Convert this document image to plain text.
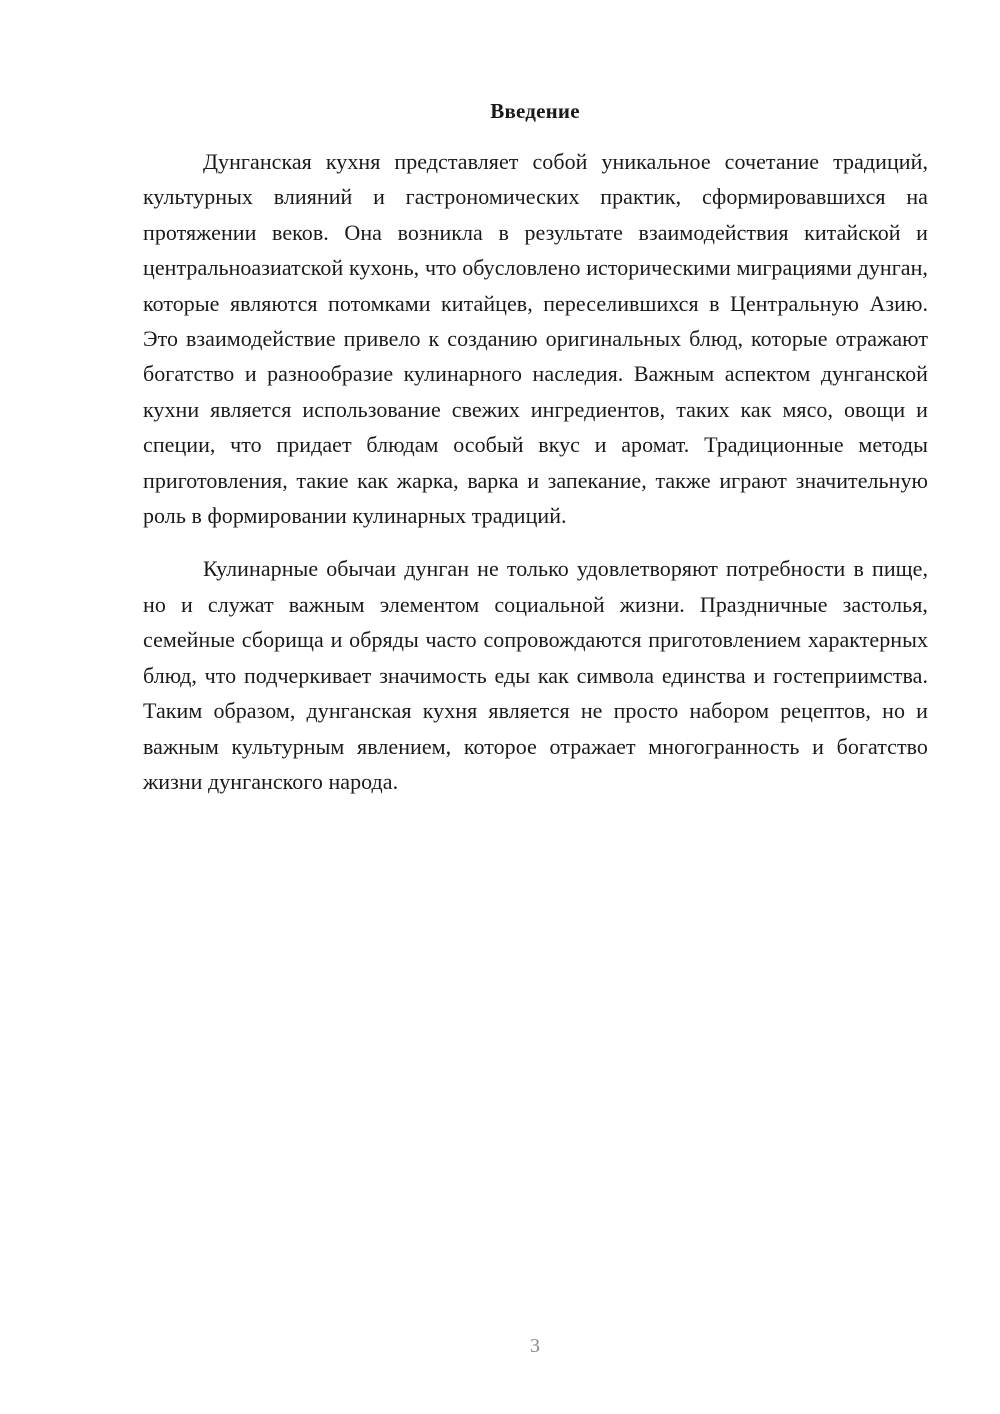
Введение

Дунганская кухня представляет собой уникальное сочетание традиций, культурных влияний и гастрономических практик, сформировавшихся на протяжении веков. Она возникла в результате взаимодействия китайской и центральноазиатской кухонь, что обусловлено историческими миграциями дунган, которые являются потомками китайцев, переселившихся в Центральную Азию. Это взаимодействие привело к созданию оригинальных блюд, которые отражают богатство и разнообразие кулинарного наследия. Важным аспектом дунганской кухни является использование свежих ингредиентов, таких как мясо, овощи и специи, что придает блюдам особый вкус и аромат. Традиционные методы приготовления, такие как жарка, варка и запекание, также играют значительную роль в формировании кулинарных традиций.

Кулинарные обычаи дунган не только удовлетворяют потребности в пище, но и служат важным элементом социальной жизни. Праздничные застолья, семейные сборища и обряды часто сопровождаются приготовлением характерных блюд, что подчеркивает значимость еды как символа единства и гостеприимства. Таким образом, дунганская кухня является не просто набором рецептов, но и важным культурным явлением, которое отражает многогранность и богатство жизни дунганского народа.

3
